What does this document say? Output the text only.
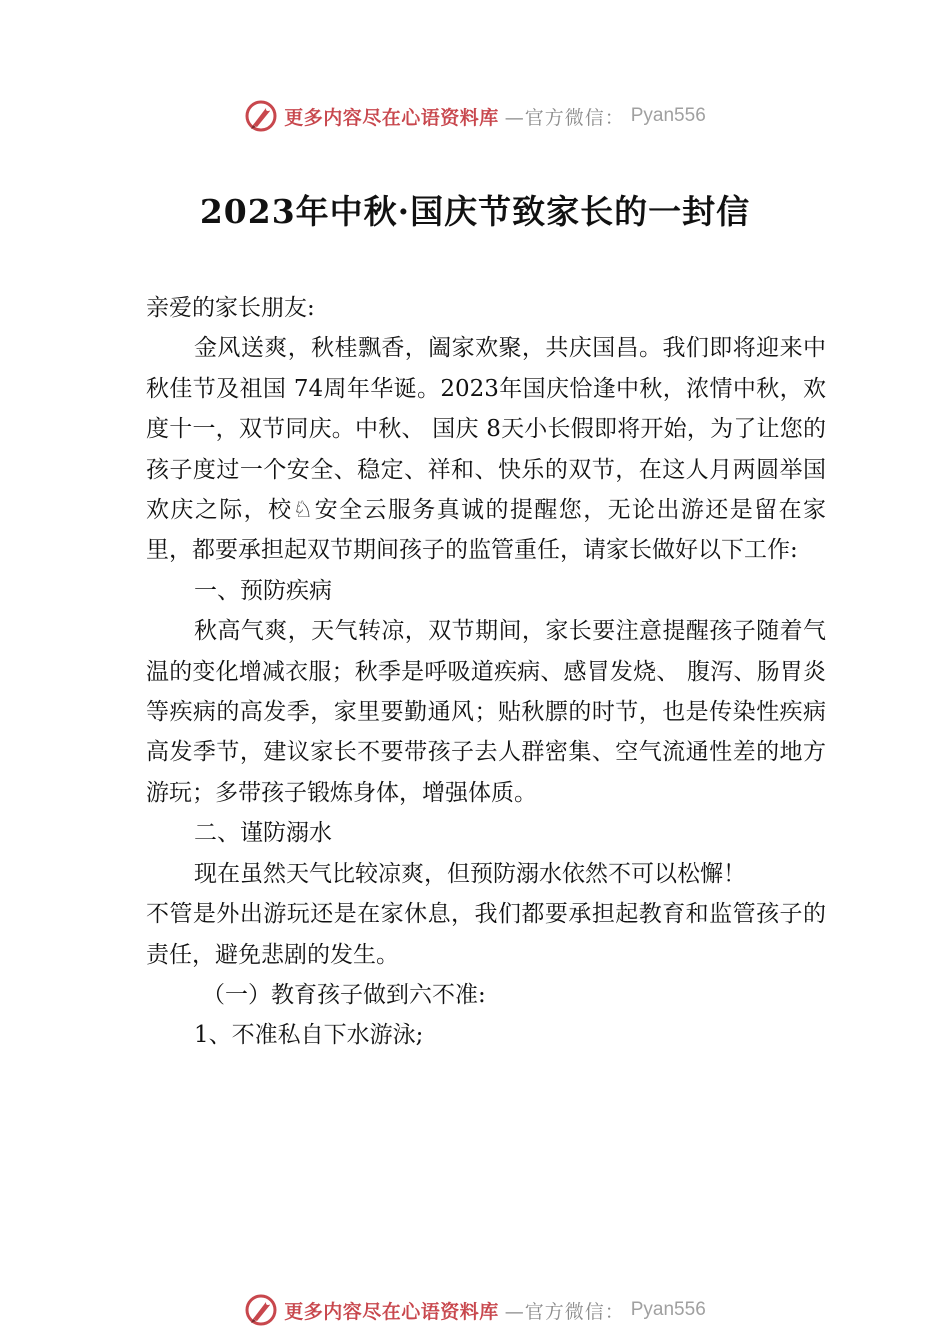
更多内容尽在心语资料库 —官方微信： Pyan556
2023年中秋·国庆节致家长的一封信

亲爱的家长朋友:

金风送爽，秋桂飘香，阖家欢聚，共庆国昌。我们即将迎来中秋佳节及祖国 74周年华诞。2023年国庆恰逢中秋，浓情中秋，欢度十一，双节同庆。中秋、 国庆 8天小长假即将开始，为了让您的孩子度过一个安全、稳定、祥和、快乐的双节，在这人月两圆举国欢庆之际，校♘安全云服务真诚的提醒您，无论出游还是留在家里，都要承担起双节期间孩子的监管重任，请家长做好以下工作:

一、预防疾病

秋高气爽，天气转凉，双节期间，家长要注意提醒孩子随着气温的变化增减衣服；秋季是呼吸道疾病、感冒发烧、 腹泻、肠胃炎等疾病的高发季，家里要勤通风；贴秋膘的时节，也是传染性疾病高发季节，建议家长不要带孩子去人群密集、空气流通性差的地方游玩；多带孩子锻炼身体，增强体质。

二、谨防溺水

现在虽然天气比较凉爽，但预防溺水依然不可以松懈！

不管是外出游玩还是在家休息，我们都要承担起教育和监管孩子的责任，避免悲剧的发生。

（一）教育孩子做到六不准:

1、不准私自下水游泳;

更多内容尽在心语资料库 —官方微信： Pyan556
